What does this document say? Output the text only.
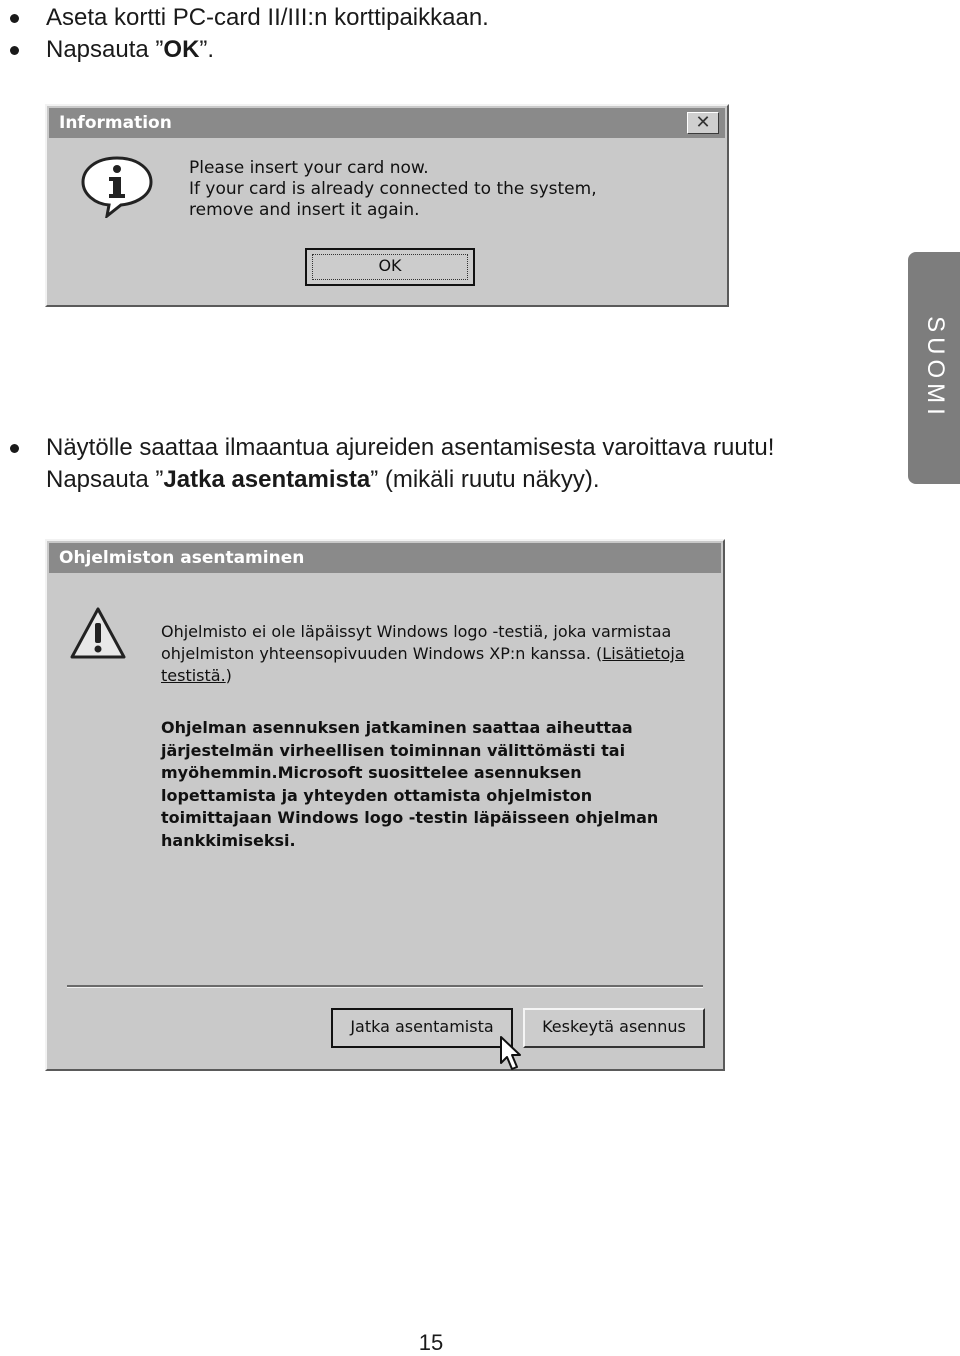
Aseta kortti PC-card II/III:n korttipaikkaan.
Napsauta ”OK”.
Information	✕
Please insert your card now.
If your card is already connected to the system,
remove and insert it again.
OK
Näytölle saattaa ilmaantua ajureiden asentamisesta varoittava ruutu!
Napsauta ”Jatka asentamista” (mikäli ruutu näkyy).
Ohjelmiston asentaminen
Ohjelmisto ei ole läpäissyt Windows logo -testiä, joka varmistaa
ohjelmiston yhteensopivuuden Windows XP:n kanssa. (Lisätietoja
testistä.)
Ohjelman asennuksen jatkaminen saattaa aiheuttaa
järjestelmän virheellisen toiminnan välittömästi tai
myöhemmin.Microsoft suosittelee asennuksen
lopettamista ja yhteyden ottamista ohjelmiston
toimittajaan Windows logo -testin läpäisseen ohjelman
hankkimiseksi.
Jatka asentamista	Keskeytä asennus
SUOMI
15
